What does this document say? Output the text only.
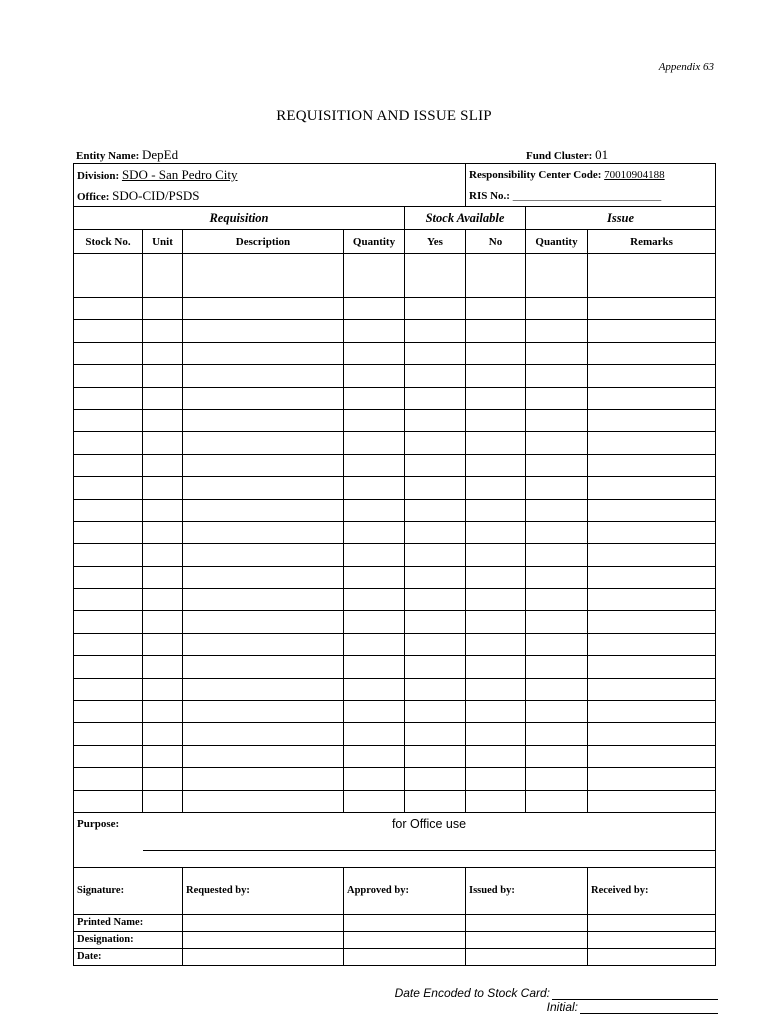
Appendix 63
REQUISITION AND ISSUE SLIP
Entity Name: DepEd	Fund Cluster: 01
Division: SDO - San Pedro City					Responsibility Center Code: 70010904188		
Office: SDO-CID/PSDS					RIS No.: ___________________________		
Requisition				Stock Available		Issue	
Stock No.	Unit	Description	Quantity	Yes	No	Quantity	Remarks

Purpose: for Office use							

Signature:		Requested by:	Approved by:		Issued by:		Received by:
Printed Name:							
Designation:							
Date:							
Date Encoded to Stock Card:
Initial:
